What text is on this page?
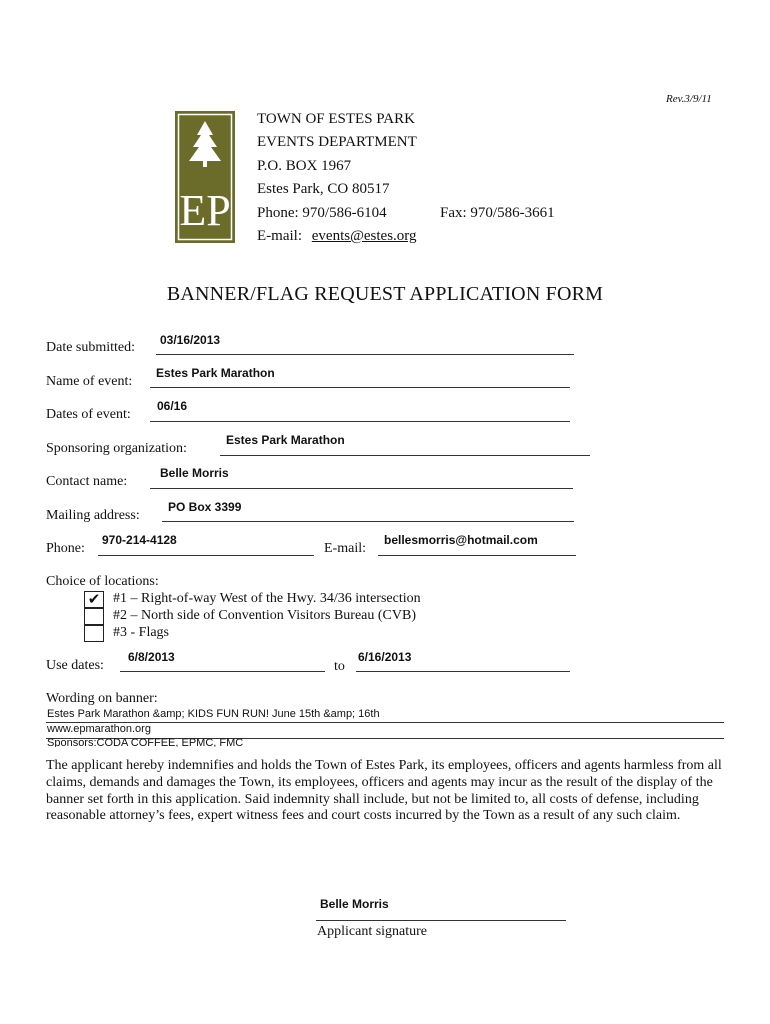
Rev.3/9/11
EP
TOWN OF ESTES PARK
EVENTS DEPARTMENT
P.O. BOX 1967
Estes Park, CO 80517
Phone: 970/586-6104	Fax: 970/586-3661
E-mail: events@estes.org
BANNER/FLAG REQUEST APPLICATION FORM
Date submitted: 03/16/2013
Name of event:
Estes Park Marathon
Dates of event:
06/16
Sponsoring organization:
Estes Park Marathon
Contact name:
Belle Morris
Mailing address:
PO Box 3399
Phone:
970-214-4128
E-mail:
bellesmorris@hotmail.com
Choice of locations:
✔ #1 – Right-of-way West of the Hwy. 34/36 intersection
#2 – North side of Convention Visitors Bureau (CVB)
#3 - Flags
Use dates:
6/8/2013
to
6/16/2013
Wording on banner:
Estes Park Marathon &amp; KIDS FUN RUN! June 15th &amp; 16th
www.epmarathon.org
Sponsors:CODA COFFEE, EPMC, FMC
The applicant hereby indemnifies and holds the Town of Estes Park, its employees, officers and agents harmless from all claims, demands and damages the Town, its employees, officers and agents may incur as the result of the display of the banner set forth in this application. Said indemnity shall include, but not be limited to, all costs of defense, including reasonable attorney’s fees, expert witness fees and court costs incurred by the Town as a result of any such claim.
Belle Morris
Applicant signature
